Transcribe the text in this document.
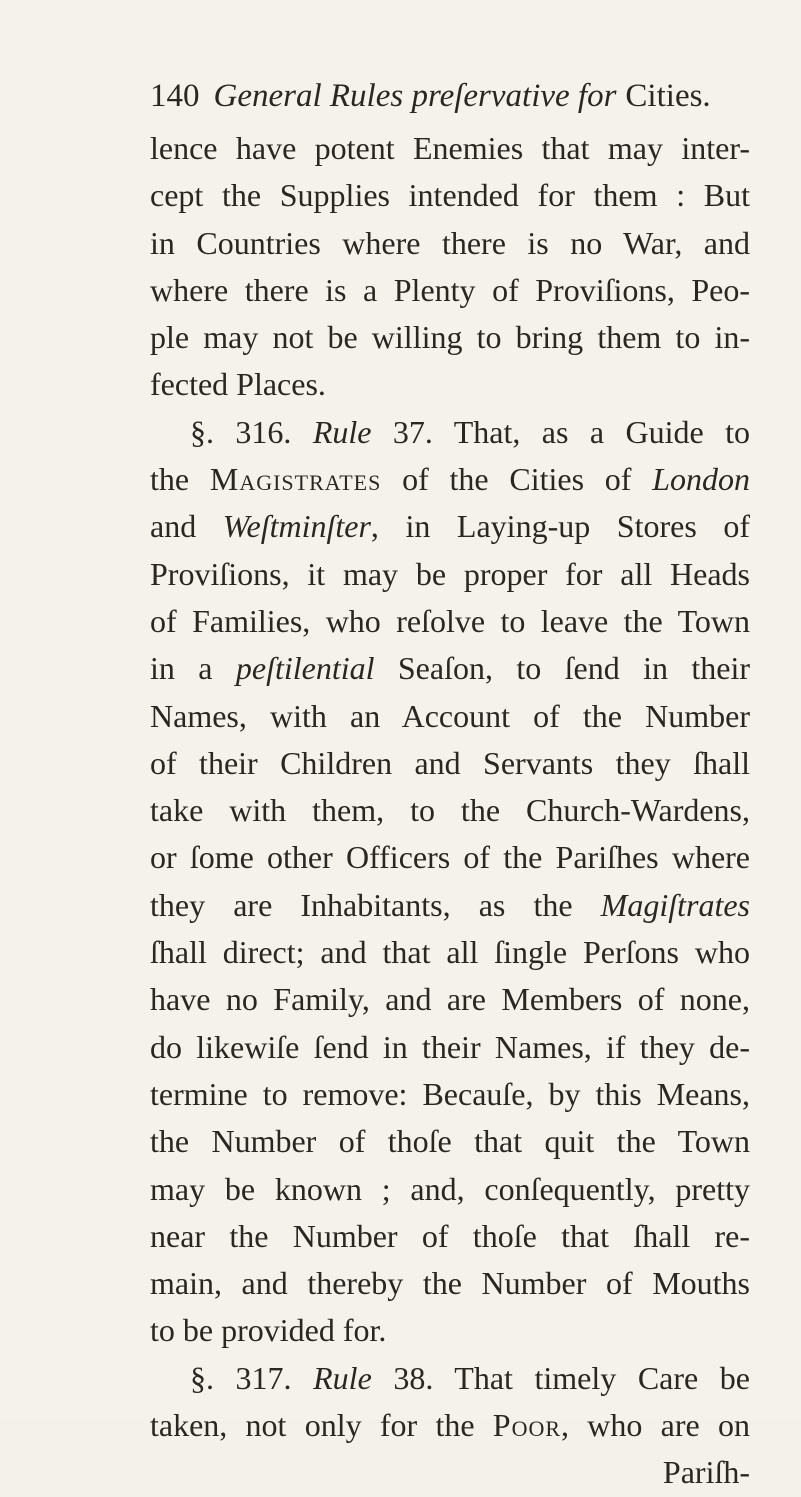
140 General Rules preſervative for Cities.
lence have potent Enemies that may inter-
cept the Supplies intended for them : But
in Countries where there is no War, and
where there is a Plenty of Proviſions, Peo-
ple may not be willing to bring them to in-
fected Places.
§. 316. Rule 37. That, as a Guide to
the Magistrates of the Cities of London
and Weſtminſter, in Laying-up Stores of
Proviſions, it may be proper for all Heads
of Families, who reſolve to leave the Town
in a peſtilential Seaſon, to ſend in their
Names, with an Account of the Number
of their Children and Servants they ſhall
take with them, to the Church-Wardens,
or ſome other Officers of the Pariſhes where
they are Inhabitants, as the Magiſtrates
ſhall direct; and that all ſingle Perſons who
have no Family, and are Members of none,
do likewiſe ſend in their Names, if they de-
termine to remove: Becauſe, by this Means,
the Number of thoſe that quit the Town
may be known ; and, conſequently, pretty
near the Number of thoſe that ſhall re-
main, and thereby the Number of Mouths
to be provided for.
§. 317. Rule 38. That timely Care be
taken, not only for the Poor, who are on
Pariſh-
